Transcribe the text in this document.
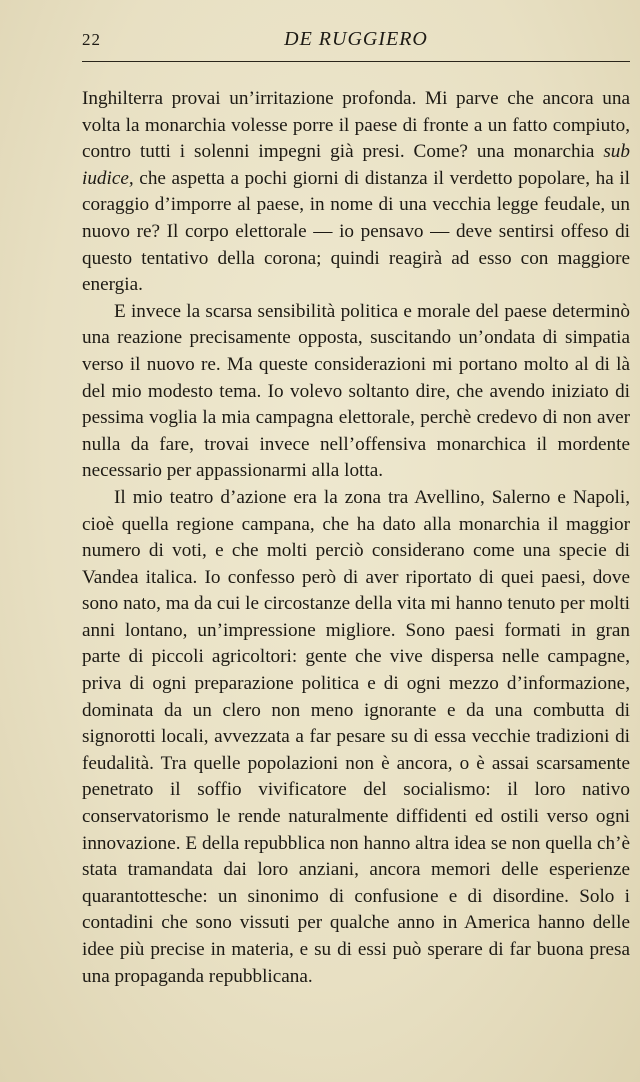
22	DE RUGGIERO

Inghilterra provai un’irritazione profonda. Mi parve che ancora una volta la monarchia volesse porre il paese di fronte a un fatto compiuto, contro tutti i solenni impegni già presi. Come? una monarchia sub iudice, che aspetta a pochi giorni di distanza il verdetto popolare, ha il coraggio d’imporre al paese, in nome di una vecchia legge feudale, un nuovo re? Il corpo elettorale — io pensavo — deve sentirsi offeso di questo tentativo della corona; quindi reagirà ad esso con maggiore energia.

E invece la scarsa sensibilità politica e morale del paese determinò una reazione precisamente opposta, suscitando un’ondata di simpatia verso il nuovo re. Ma queste considerazioni mi portano molto al di là del mio modesto tema. Io volevo soltanto dire, che avendo iniziato di pessima voglia la mia campagna elettorale, perchè credevo di non aver nulla da fare, trovai invece nell’offensiva monarchica il mordente necessario per appassionarmi alla lotta.

Il mio teatro d’azione era la zona tra Avellino, Salerno e Napoli, cioè quella regione campana, che ha dato alla monarchia il maggior numero di voti, e che molti perciò considerano come una specie di Vandea italica. Io confesso però di aver riportato di quei paesi, dove sono nato, ma da cui le circostanze della vita mi hanno tenuto per molti anni lontano, un’impressione migliore. Sono paesi formati in gran parte di piccoli agricoltori: gente che vive dispersa nelle campagne, priva di ogni preparazione politica e di ogni mezzo d’informazione, dominata da un clero non meno ignorante e da una combutta di signorotti locali, avvezzata a far pesare su di essa vecchie tradizioni di feudalità. Tra quelle popolazioni non è ancora, o è assai scarsamente penetrato il soffio vivificatore del socialismo: il loro nativo conservatorismo le rende naturalmente diffidenti ed ostili verso ogni innovazione. E della repubblica non hanno altra idea se non quella ch’è stata tramandata dai loro anziani, ancora memori delle esperienze quarantottesche: un sinonimo di confusione e di disordine. Solo i contadini che sono vissuti per qualche anno in America hanno delle idee più precise in materia, e su di essi può sperare di far buona presa una propaganda repubblicana.
